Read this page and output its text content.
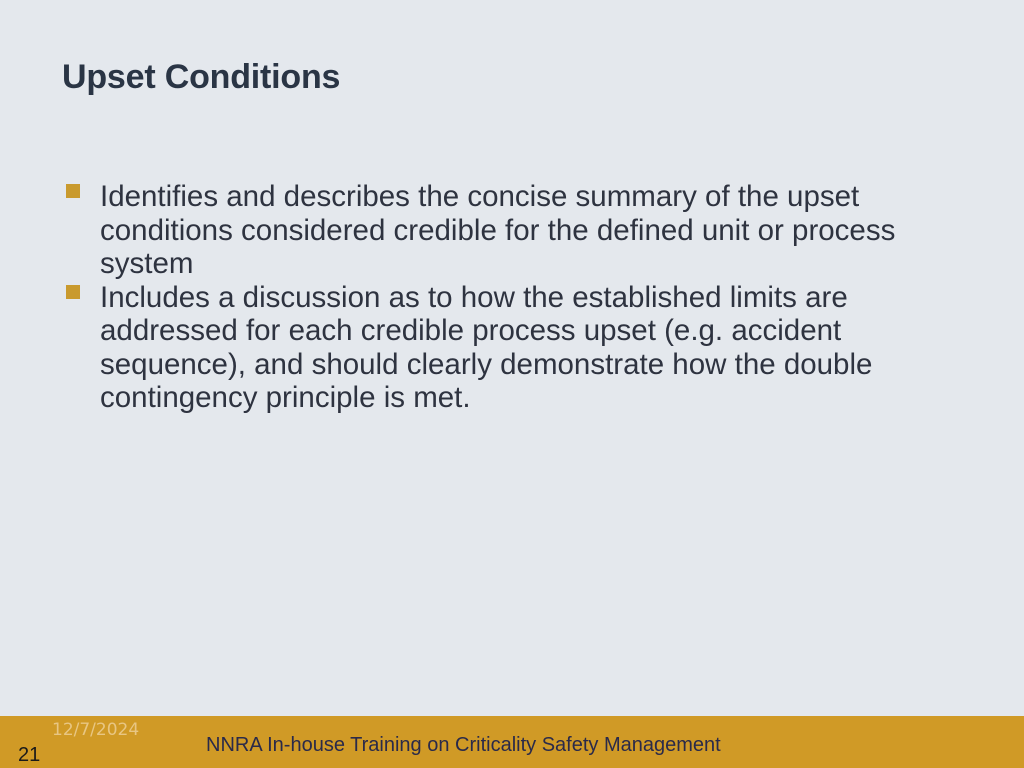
Upset Conditions
Identifies and describes the concise summary of the upset conditions considered credible for the defined unit or process system
Includes a discussion as to how the established limits are addressed for each credible process upset (e.g. accident sequence), and should clearly demonstrate how the double contingency principle is met.
12/7/2024
21	NNRA In-house Training on Criticality Safety Management
